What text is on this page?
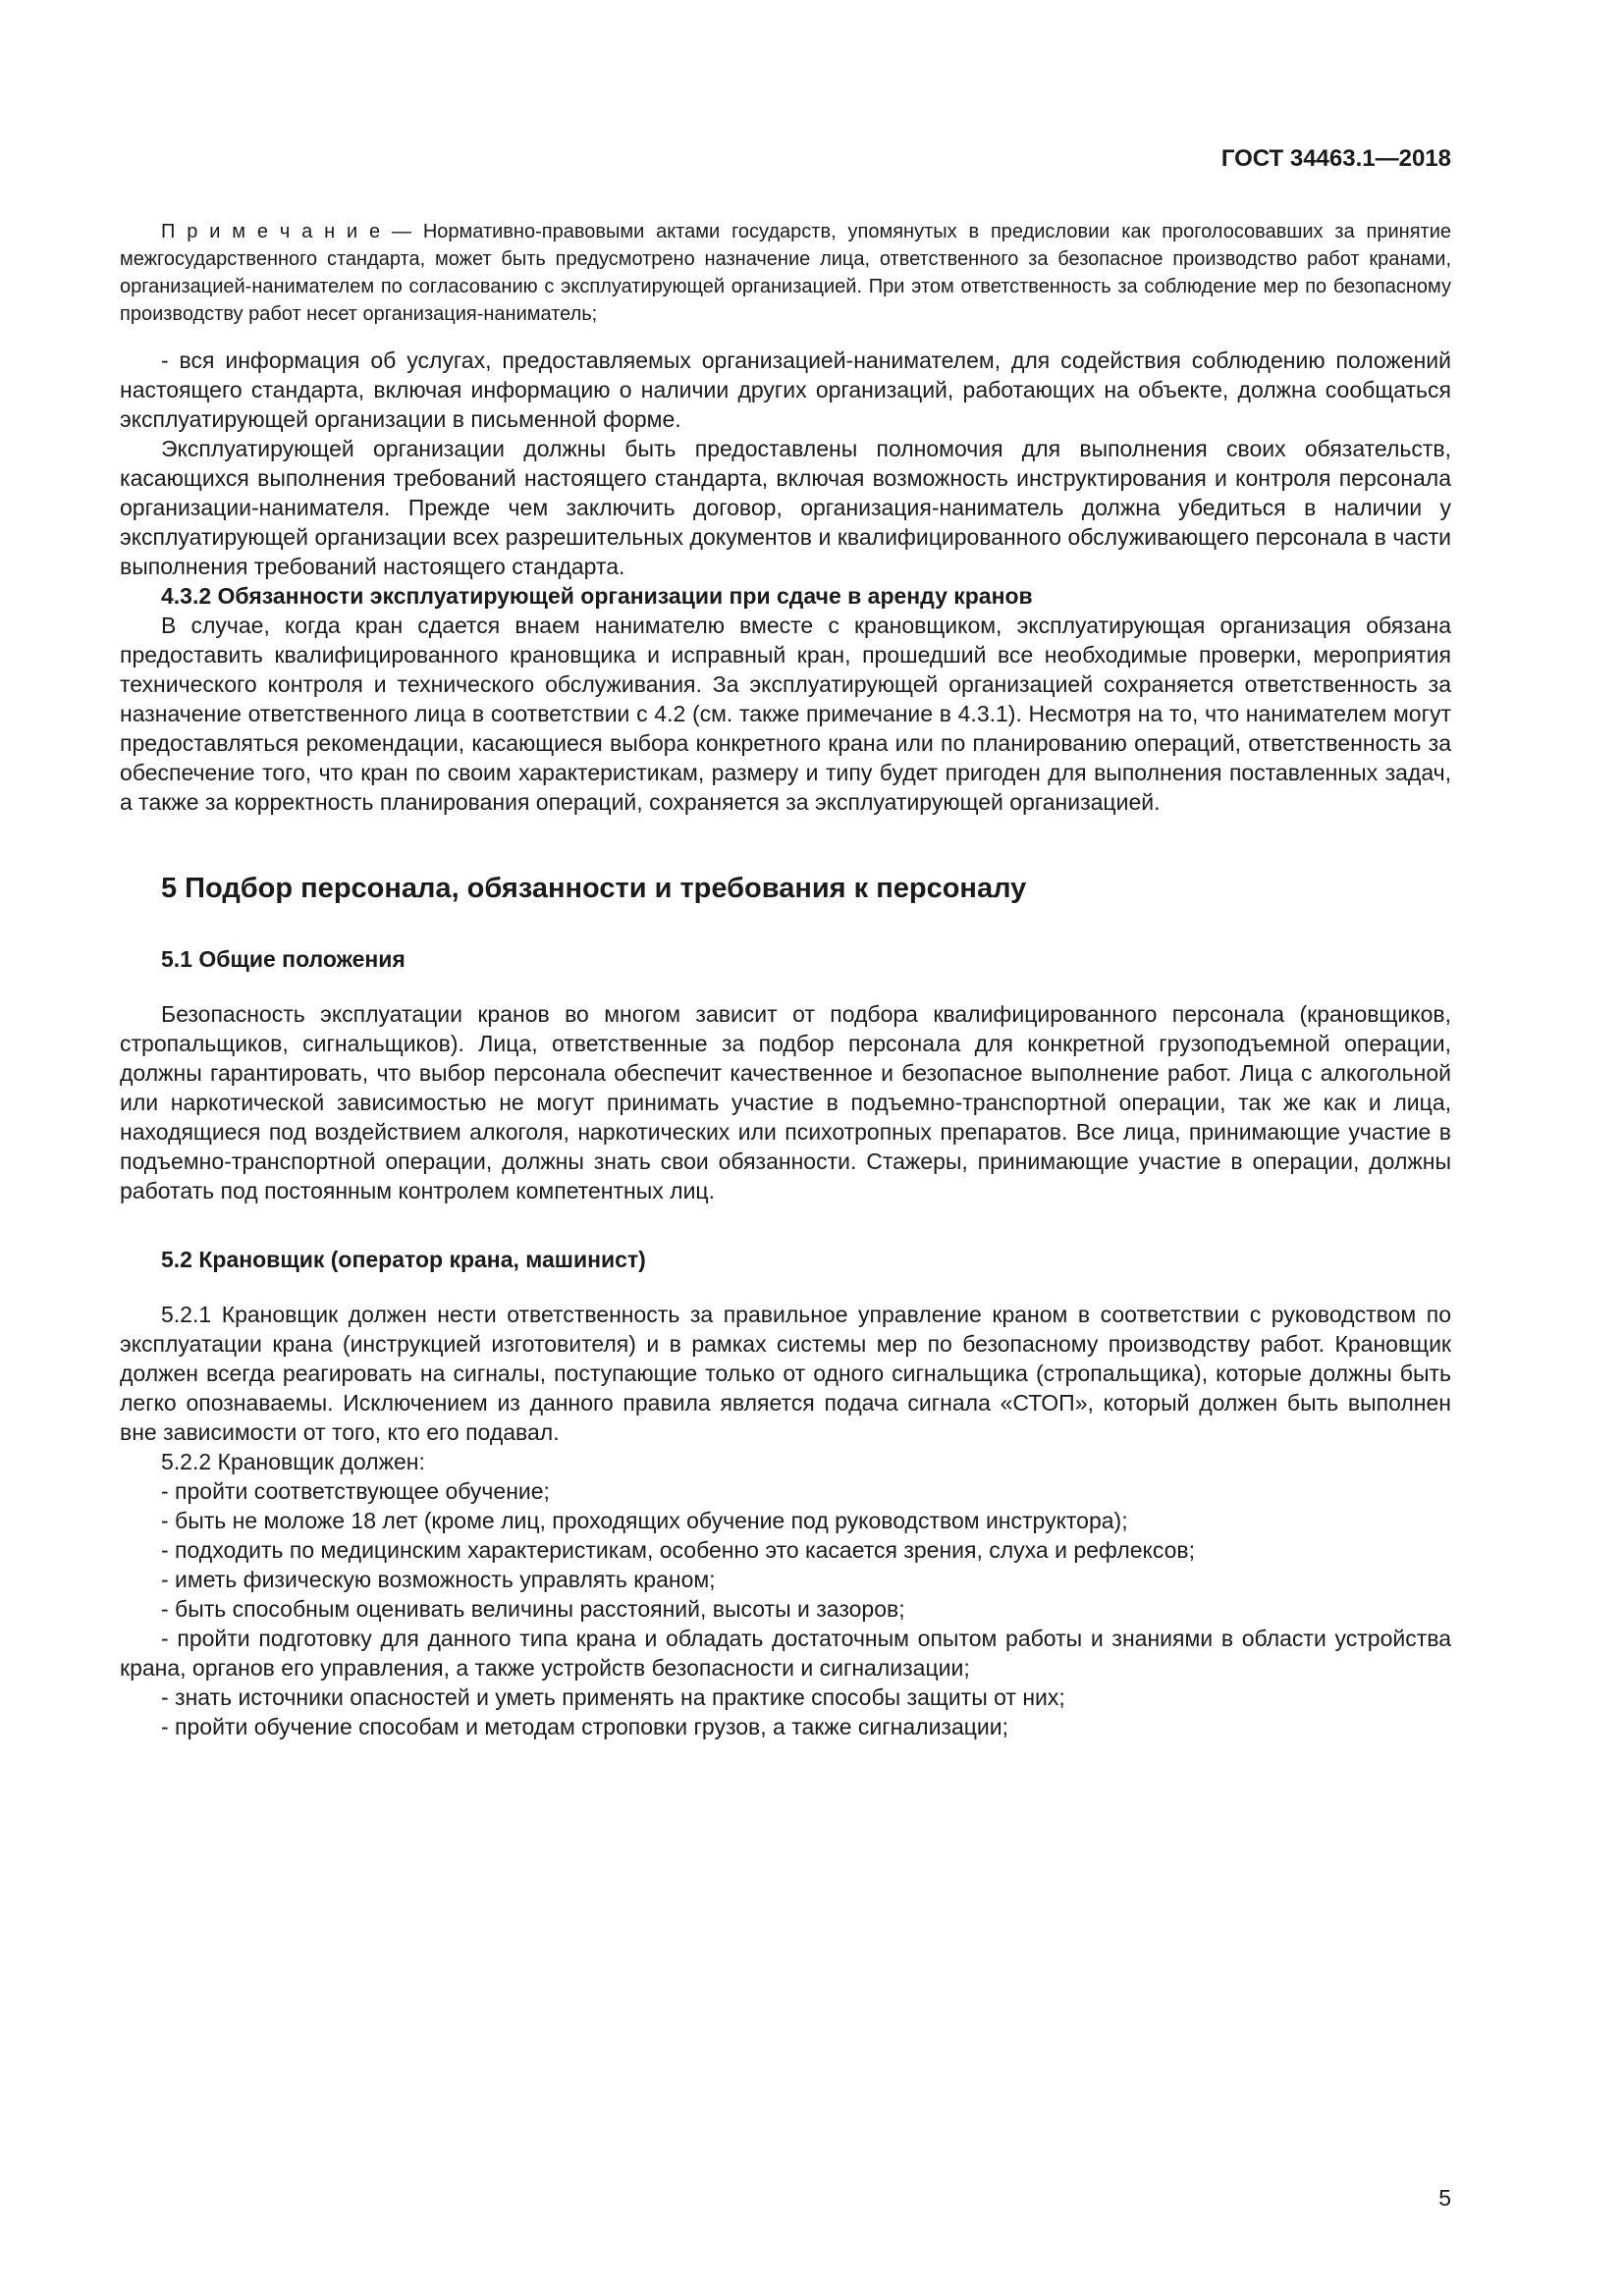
ГОСТ 34463.1—2018

П р и м е ч а н и е — Нормативно-правовыми актами государств, упомянутых в предисловии как проголосовавших за принятие межгосударственного стандарта, может быть предусмотрено назначение лица, ответственного за безопасное производство работ кранами, организацией-нанимателем по согласованию с эксплуатирующей организацией. При этом ответственность за соблюдение мер по безопасному производству работ несет организация-наниматель;

- вся информация об услугах, предоставляемых организацией-нанимателем, для содействия соблюдению положений настоящего стандарта, включая информацию о наличии других организаций, работающих на объекте, должна сообщаться эксплуатирующей организации в письменной форме.

Эксплуатирующей организации должны быть предоставлены полномочия для выполнения своих обязательств, касающихся выполнения требований настоящего стандарта, включая возможность инструктирования и контроля персонала организации-нанимателя. Прежде чем заключить договор, организация-наниматель должна убедиться в наличии у эксплуатирующей организации всех разрешительных документов и квалифицированного обслуживающего персонала в части выполнения требований настоящего стандарта.

4.3.2 Обязанности эксплуатирующей организации при сдаче в аренду кранов

В случае, когда кран сдается внаем нанимателю вместе с крановщиком, эксплуатирующая организация обязана предоставить квалифицированного крановщика и исправный кран, прошедший все необходимые проверки, мероприятия технического контроля и технического обслуживания. За эксплуатирующей организацией сохраняется ответственность за назначение ответственного лица в соответствии с 4.2 (см. также примечание в 4.3.1). Несмотря на то, что нанимателем могут предоставляться рекомендации, касающиеся выбора конкретного крана или по планированию операций, ответственность за обеспечение того, что кран по своим характеристикам, размеру и типу будет пригоден для выполнения поставленных задач, а также за корректность планирования операций, сохраняется за эксплуатирующей организацией.

5 Подбор персонала, обязанности и требования к персоналу
5.1 Общие положения

Безопасность эксплуатации кранов во многом зависит от подбора квалифицированного персонала (крановщиков, стропальщиков, сигнальщиков). Лица, ответственные за подбор персонала для конкретной грузоподъемной операции, должны гарантировать, что выбор персонала обеспечит качественное и безопасное выполнение работ. Лица с алкогольной или наркотической зависимостью не могут принимать участие в подъемно-транспортной операции, так же как и лица, находящиеся под воздействием алкоголя, наркотических или психотропных препаратов. Все лица, принимающие участие в подъемно-транспортной операции, должны знать свои обязанности. Стажеры, принимающие участие в операции, должны работать под постоянным контролем компетентных лиц.

5.2 Крановщик (оператор крана, машинист)

5.2.1 Крановщик должен нести ответственность за правильное управление краном в соответствии с руководством по эксплуатации крана (инструкцией изготовителя) и в рамках системы мер по безопасному производству работ. Крановщик должен всегда реагировать на сигналы, поступающие только от одного сигнальщика (стропальщика), которые должны быть легко опознаваемы. Исключением из данного правила является подача сигнала «СТОП», который должен быть выполнен вне зависимости от того, кто его подавал.

5.2.2 Крановщик должен:

- пройти соответствующее обучение;

- быть не моложе 18 лет (кроме лиц, проходящих обучение под руководством инструктора);

- подходить по медицинским характеристикам, особенно это касается зрения, слуха и рефлексов;

- иметь физическую возможность управлять краном;

- быть способным оценивать величины расстояний, высоты и зазоров;

- пройти подготовку для данного типа крана и обладать достаточным опытом работы и знаниями в области устройства крана, органов его управления, а также устройств безопасности и сигнализации;

- знать источники опасностей и уметь применять на практике способы защиты от них;

- пройти обучение способам и методам строповки грузов, а также сигнализации;

5
